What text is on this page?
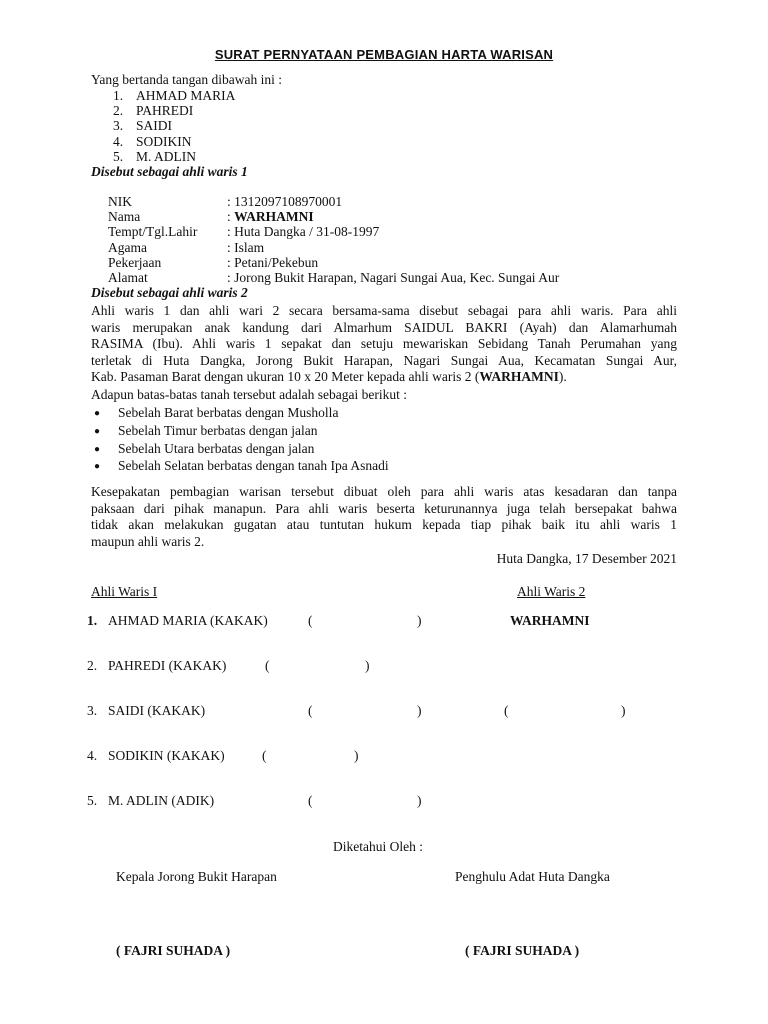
SURAT PERNYATAAN PEMBAGIAN HARTA WARISAN
Yang bertanda tangan dibawah ini :
1. AHMAD MARIA
2. PAHREDI
3. SAIDI
4. SODIKIN
5. M. ADLIN
Disebut sebagai ahli waris 1
NIK	: 1312097108970001
Nama	: WARHAMNI
Tempt/Tgl.Lahir : Huta Dangka / 31-08-1997
Agama	: Islam
Pekerjaan	: Petani/Pekebun
Alamat	: Jorong Bukit Harapan, Nagari Sungai Aua, Kec. Sungai Aur
Disebut sebagai ahli waris 2
Ahli waris 1 dan ahli wari 2 secara bersama-sama disebut sebagai para ahli waris. Para ahli
waris merupakan anak kandung dari Almarhum SAIDUL BAKRI (Ayah) dan Alamarhumah
RASIMA (Ibu). Ahli waris 1 sepakat dan setuju mewariskan Sebidang Tanah Perumahan yang
terletak di Huta Dangka, Jorong Bukit Harapan, Nagari Sungai Aua, Kecamatan Sungai Aur,
Kab. Pasaman Barat dengan ukuran 10 x 20 Meter kepada ahli waris 2 (WARHAMNI).
Adapun batas-batas tanah tersebut adalah sebagai berikut :
● Sebelah Barat berbatas dengan Musholla
● Sebelah Timur berbatas dengan jalan
● Sebelah Utara berbatas dengan jalan
● Sebelah Selatan berbatas dengan tanah Ipa Asnadi
Kesepakatan pembagian warisan tersebut dibuat oleh para ahli waris atas kesadaran dan tanpa
paksaan dari pihak manapun. Para ahli waris beserta keturunannya juga telah bersepakat bahwa
tidak akan melakukan gugatan atau tuntutan hukum kepada tiap pihak baik itu ahli waris 1
maupun ahli waris 2.
Huta Dangka, 17 Desember 2021
Ahli Waris I	Ahli Waris 2
1. AHMAD MARIA (KAKAK)	(	)	WARHAMNI
2. PAHREDI (KAKAK)	(	)
3. SAIDI (KAKAK)	(	)	(	)
4. SODIKIN (KAKAK)	(	)
5. M. ADLIN (ADIK)	(	)
Diketahui Oleh :
Kepala Jorong Bukit Harapan	Penghulu Adat Huta Dangka
( FAJRI SUHADA )	( FAJRI SUHADA )
